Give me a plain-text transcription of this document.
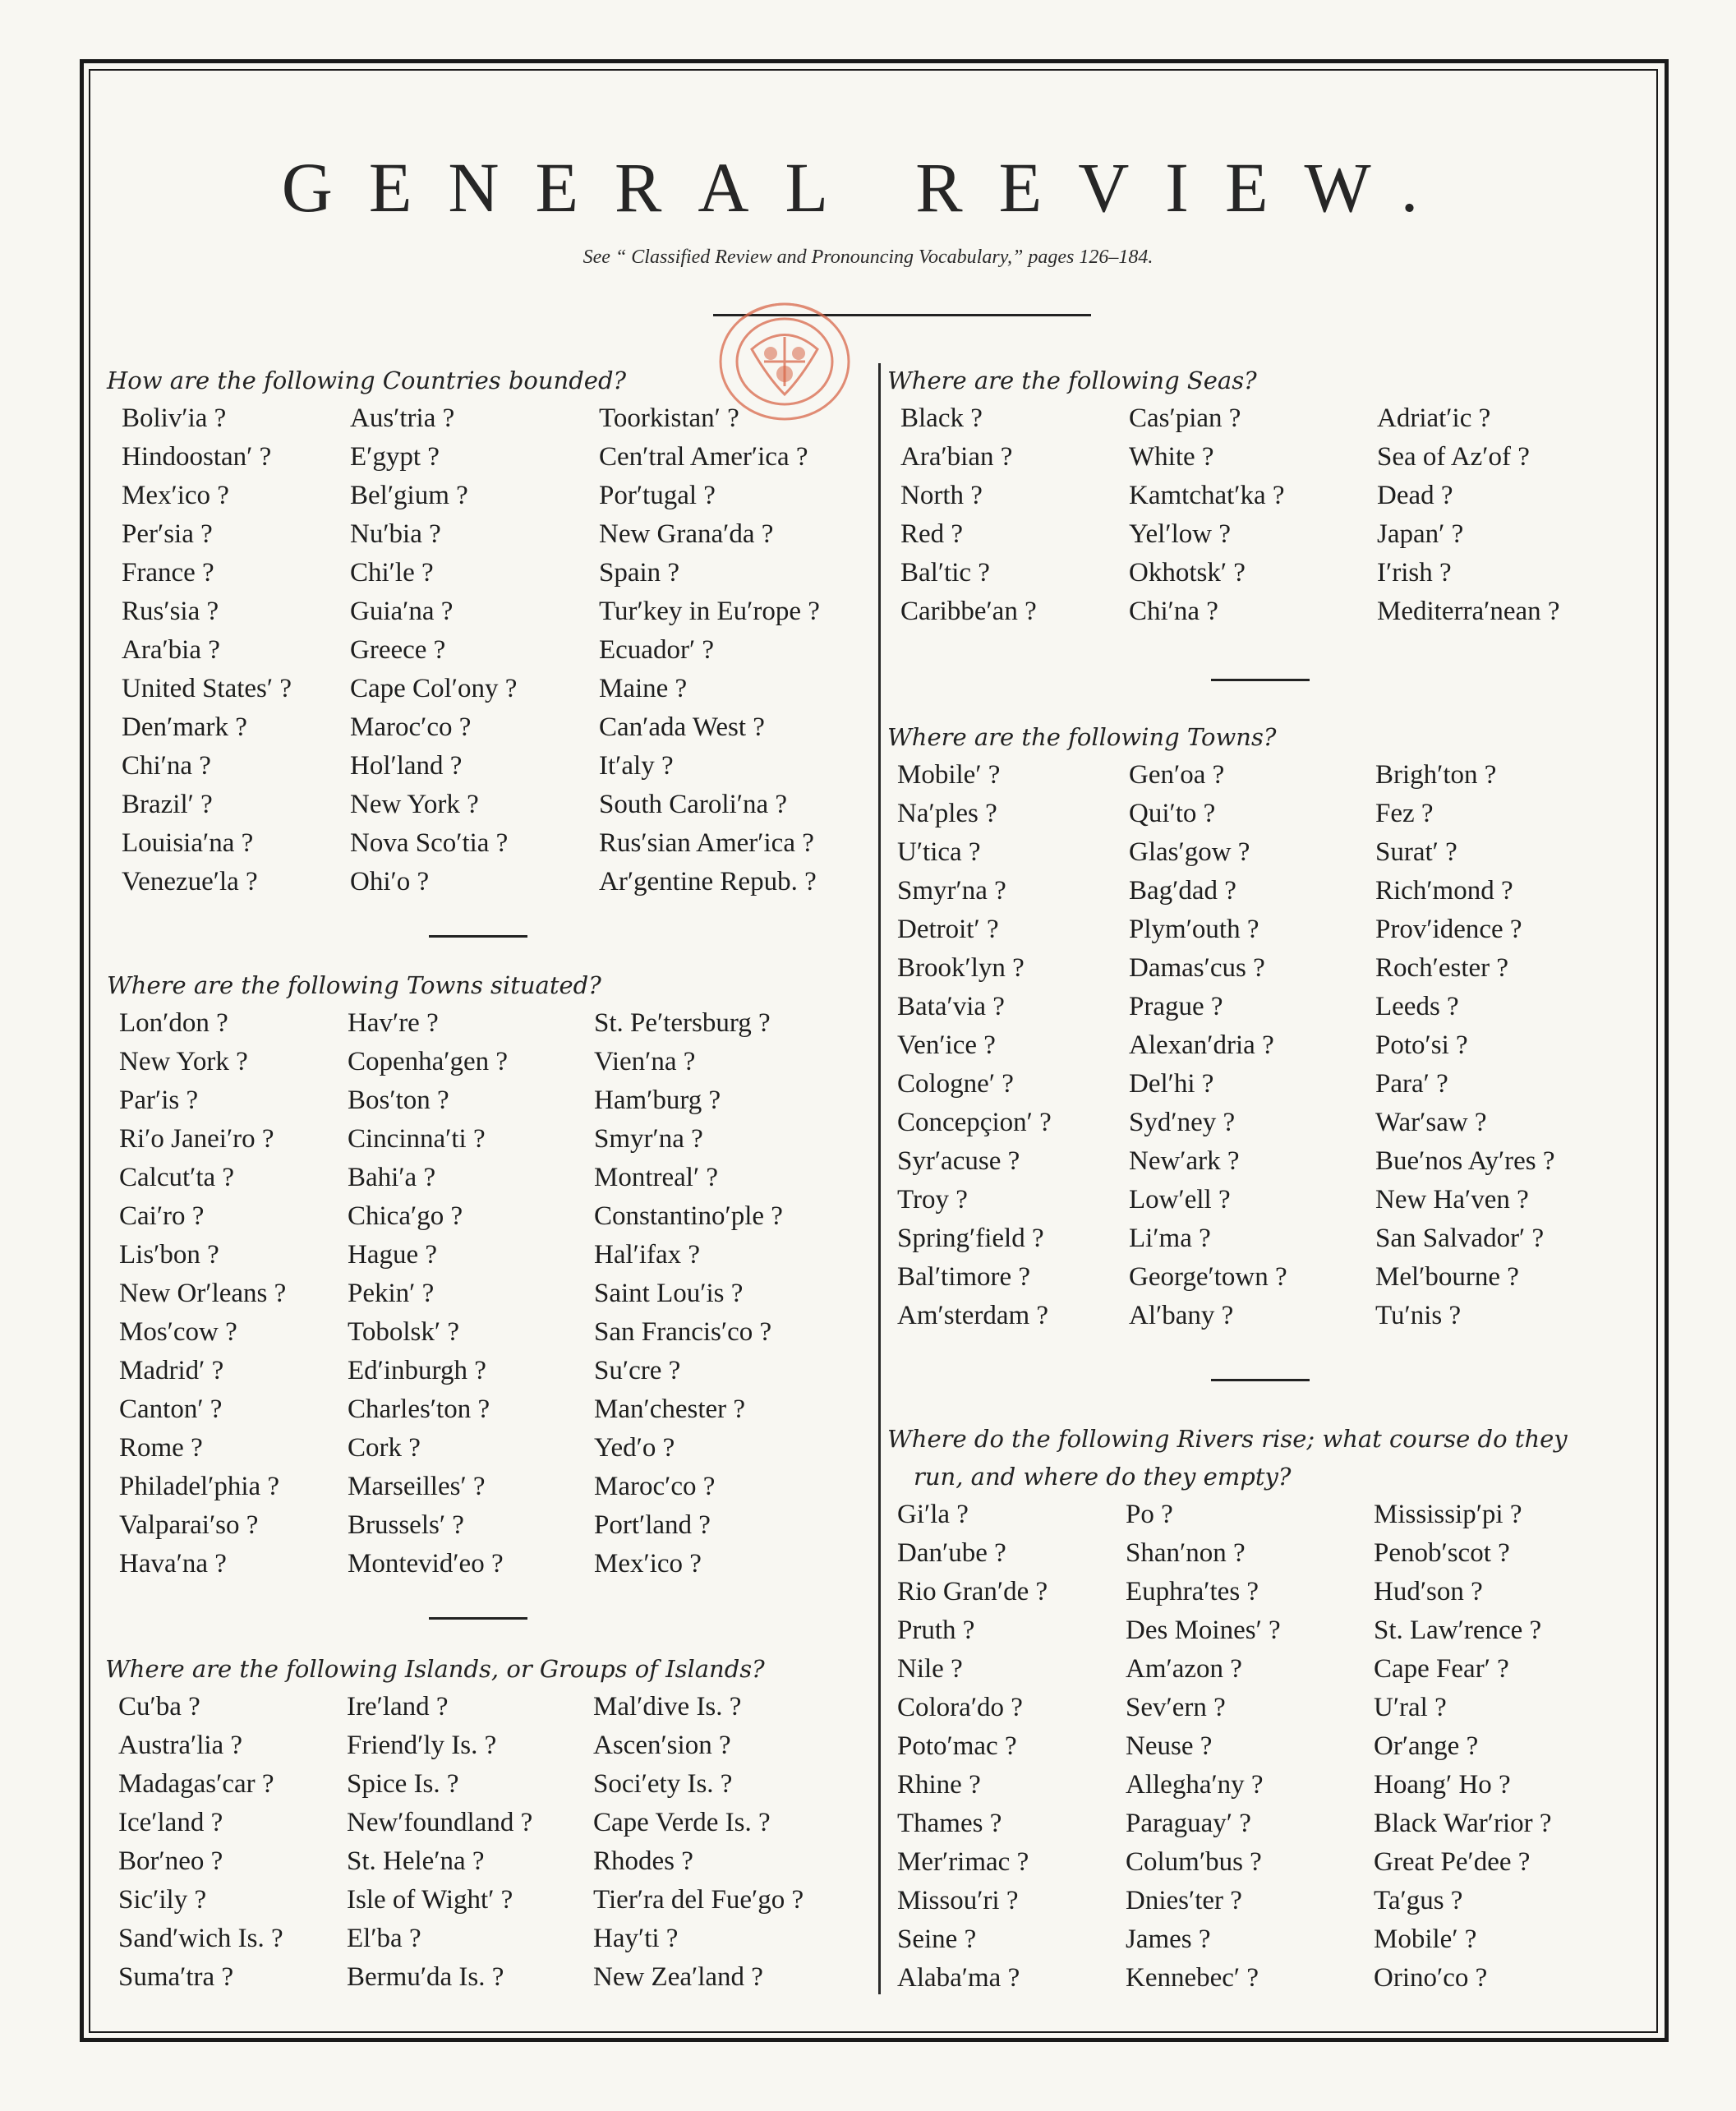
GENERAL REVIEW.
See “ Classified Review and Pronouncing Vocabulary,” pages 126–184.
How are the following Countries bounded?
Boliv′ia ?	Aus′tria ?	Toorkistan′ ?
Hindoostan′ ?	E′gypt ?	Cen′tral Amer′ica ?
Mex′ico ?	Bel′gium ?	Por′tugal ?
Per′sia ?	Nu′bia ?	New Grana′da ?
France ?	Chi′le ?	Spain ?
Rus′sia ?	Guia′na ?	Tur′key in Eu′rope ?
Ara′bia ?	Greece ?	Ecuador′ ?
United States′ ?	Cape Col′ony ?	Maine ?
Den′mark ?	Maroc′co ?	Can′ada West ?
Chi′na ?	Hol′land ?	It′aly ?
Brazil′ ?	New York ?	South Caroli′na ?
Louisia′na ?	Nova Sco′tia ?	Rus′sian Amer′ica ?
Venezue′la ?	Ohi′o ?	Ar′gentine Repub. ?
Where are the following Towns situated?
Lon′don ?	Hav′re ?	St. Pe′tersburg ?
New York ?	Copenha′gen ?	Vien′na ?
Par′is ?	Bos′ton ?	Ham′burg ?
Ri′o Janei′ro ?	Cincinna′ti ?	Smyr′na ?
Calcut′ta ?	Bahi′a ?	Montreal′ ?
Cai′ro ?	Chica′go ?	Constantino′ple ?
Lis′bon ?	Hague ?	Hal′ifax ?
New Or′leans ?	Pekin′ ?	Saint Lou′is ?
Mos′cow ?	Tobolsk′ ?	San Francis′co ?
Madrid′ ?	Ed′inburgh ?	Su′cre ?
Canton′ ?	Charles′ton ?	Man′chester ?
Rome ?	Cork ?	Yed′o ?
Philadel′phia ?	Marseilles′ ?	Maroc′co ?
Valparai′so ?	Brussels′ ?	Port′land ?
Hava′na ?	Montevid′eo ?	Mex′ico ?
Where are the following Islands, or Groups of Islands?
Cu′ba ?	Ire′land ?	Mal′dive Is. ?
Austra′lia ?	Friend′ly Is. ?	Ascen′sion ?
Madagas′car ?	Spice Is. ?	Soci′ety Is. ?
Ice′land ?	New′foundland ?	Cape Verde Is. ?
Bor′neo ?	St. Hele′na ?	Rhodes ?
Sic′ily ?	Isle of Wight′ ?	Tier′ra del Fue′go ?
Sand′wich Is. ?	El′ba ?	Hay′ti ?
Suma′tra ?	Bermu′da Is. ?	New Zea′land ?
Where are the following Seas?
Black ?	Cas′pian ?	Adriat′ic ?
Ara′bian ?	White ?	Sea of Az′of ?
North ?	Kamtchat′ka ?	Dead ?
Red ?	Yel′low ?	Japan′ ?
Bal′tic ?	Okhotsk′ ?	I′rish ?
Caribbe′an ?	Chi′na ?	Mediterra′nean ?
Where are the following Towns?
Mobile′ ?	Gen′oa ?	Brigh′ton ?
Na′ples ?	Qui′to ?	Fez ?
U′tica ?	Glas′gow ?	Surat′ ?
Smyr′na ?	Bag′dad ?	Rich′mond ?
Detroit′ ?	Plym′outh ?	Prov′idence ?
Brook′lyn ?	Damas′cus ?	Roch′ester ?
Bata′via ?	Prague ?	Leeds ?
Ven′ice ?	Alexan′dria ?	Poto′si ?
Cologne′ ?	Del′hi ?	Para′ ?
Concepçion′ ?	Syd′ney ?	War′saw ?
Syr′acuse ?	New′ark ?	Bue′nos Ay′res ?
Troy ?	Low′ell ?	New Ha′ven ?
Spring′field ?	Li′ma ?	San Salvador′ ?
Bal′timore ?	George′town ?	Mel′bourne ?
Am′sterdam ?	Al′bany ?	Tu′nis ?
Where do the following Rivers rise; what course do they
run, and where do they empty?
Gi′la ?	Po ?	Mississip′pi ?
Dan′ube ?	Shan′non ?	Penob′scot ?
Rio Gran′de ?	Euphra′tes ?	Hud′son ?
Pruth ?	Des Moines′ ?	St. Law′rence ?
Nile ?	Am′azon ?	Cape Fear′ ?
Colora′do ?	Sev′ern ?	U′ral ?
Poto′mac ?	Neuse ?	Or′ange ?
Rhine ?	Allegha′ny ?	Hoang′ Ho ?
Thames ?	Paraguay′ ?	Black War′rior ?
Mer′rimac ?	Colum′bus ?	Great Pe′dee ?
Missou′ri ?	Dnies′ter ?	Ta′gus ?
Seine ?	James ?	Mobile′ ?
Alaba′ma ?	Kennebec′ ?	Orino′co ?
